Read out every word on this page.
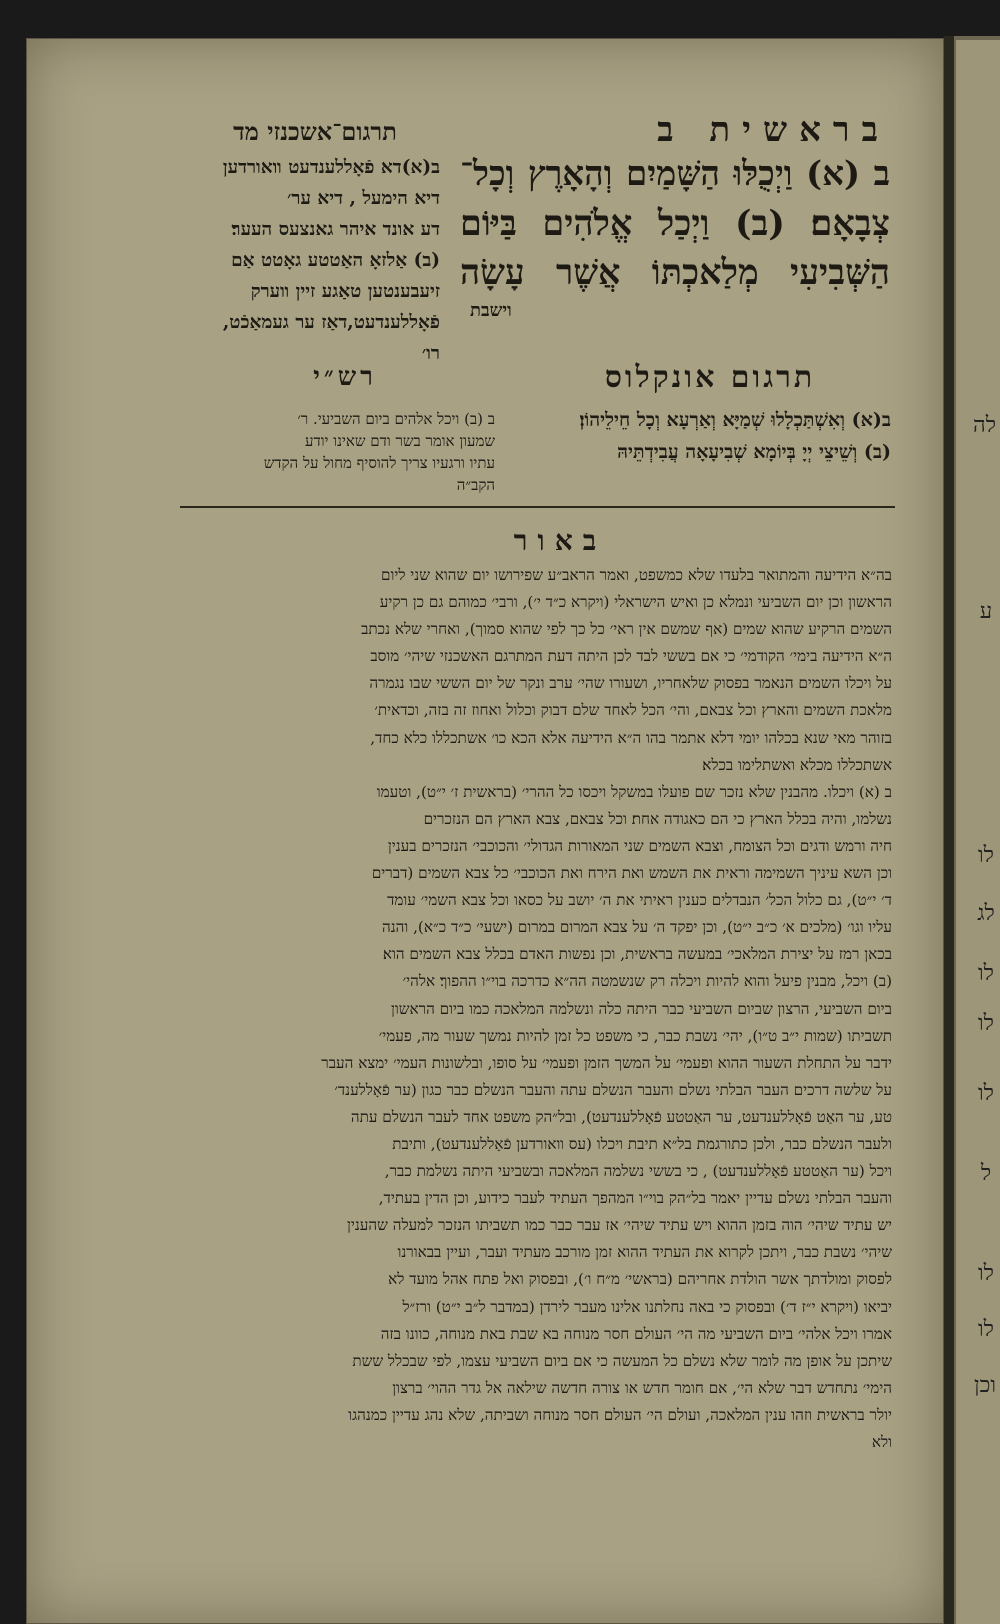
לה
ע
לו
לג
לו
לו
לו
ל
לו
לו
וכן
בראשית ב
ב (א) וַיְכֻלּוּ הַשָּׁמַיִם וְהָאָרֶץ וְכָל־
צְבָאָם׃ (ב) וַיְכַל אֱלֹהִים בַּיּוֹם
הַשְּׁבִיעִי מְלַאכְתּוֹ אֲשֶׁר עָשָׂה
וישבת
תרגום־אשכנזי מד
ב(א)דא פֿאָללענדעט װאורדען
דיא הימעל , דיא ער׳
דע אונד איהר גאנצעס העער׃
(ב) אַלזאָ האַטטע גאָטט אַם
זיעבענטען טאַגע זיין װערק
פֿאָללענדעט,דאַז ער געמאַכֿט,
רו׳
תרגום אונקלוס
ב(א) וְאִשְׁתַּכְלָלוּ שְׁמַיָּא וְאַרְעָא וְכָל חֵילֵיהוֹן׃
(ב) וְשֵׁיצֵי יְיָ בְּיוֹמָא שְׁבִיעָאָה עֲבִידְתֵּיהּ
רש״י
ב (ב) ויכל אלהים ביום השביעי. ר׳
שמעון אומר בשר ודם שאינו יודע
עתיו ורגעיו צריך להוסיף מחול על הקדש
הקב״ה
באור
בה״א הידיעה והמתואר בלעדו שלא כמשפט, ואמר הראב״ע שפירושו יום שהוא שני ליום
הראשון וכן יום השביעי ונמלא כן ואיש הישראלי (ויקרא כ״ד י׳), ורבי׳ כמוהם גם כן רקיע
השמים הרקיע שהוא שמים (אף שמשם אין ראי׳ כל כך לפי שהוא סמוך), ואחרי שלא נכתב
ה״א הידיעה בימי׳ הקודמי׳ כי אם בששי לבד לכן היתה דעת המתרגם האשכנזי שיהי׳ מוסב
על ויכלו השמים הנאמר בפסוק שלאחריו, ושעורו שהי׳ ערב ונקר של יום הששי שבו נגמרה
מלאכת השמים והארץ וכל צבאם, והי׳ הכל לאחד שלם דבוק וכלול ואחוז זה בזה, וכדאית׳
בזוהר מאי שנא בכלהו יומי דלא אתמר בהו ה״א הידיעה אלא הכא כו׳ אשתכללו כלא כחד,
אשתכללו מכלא ואשתלימו בכלא׃
ב (א) ויכלו. מהבנין שלא נזכר שם פועלו במשקל ויכסו כל ההרי׳ (בראשית ז׳ י״ט), וטעמו
נשלמו, והיה בכלל הארץ כי הם כאגודה אחת׃ וכל צבאם, צבא הארץ הם הנזכרים
חיה ורמש ודגים וכל הצומח, וצבא השמים שני המאורות הגדולי׳ והכוכבי׳ הנזכרים בענין
וכן השא עיניך השמימה וראית את השמש ואת הירח ואת הכוכבי׳ כל צבא השמים (דברים
ד׳ י״ט), גם כלול הכל׳ הנבדלים כענין ראיתי את ה׳ יושב על כסאו וכל צבא השמי׳ עומד
עליו וגו׳ (מלכים א׳ כ״ב י״ט), וכן יפקד ה׳ על צבא המרום במרום (ישעי׳ כ״ד כ״א), והנה
בכאן רמז על יצירת המלאכי׳ במעשה בראשית, וכן נפשות האדם בכלל צבא השמים הוא׃
(ב) ויכל, מבנין פיעל והוא להיות ויכלה רק שנשמטה הה״א כדרכה בוי״ו ההפוך׃ אלהי׳
ביום השביעי, הרצון שביום השביעי כבר היתה כלה ונשלמה המלאכה כמו ביום הראשון
תשביתו (שמות י״ב ט״ו), יהי׳ נשבת כבר, כי משפט כל זמן להיות נמשך שעור מה, פעמי׳
ידבר על התחלת השעור ההוא ופעמי׳ על המשך הזמן ופעמי׳ על סופו, ובלשונות העמי׳ ימצא העבר
על שלשה דרכים העבר הבלתי נשלם והעבר הנשלם עתה והעבר הנשלם כבר כגון (ער פֿאָללענד׳
טע, ער האַט פֿאָללענדעט, ער האַטטע פֿאָללענדעט), ובל״הק משפט אחד לעבר הנשלם עתה
ולעבר הנשלם כבר, ולכן כתורגמת בל״א תיבת ויכלו (עס װאורדען פֿאָללענדעט), ותיבת
ויכל (ער האַטטע פֿאָללענדעט) , כי בששי נשלמה המלאכה ובשביעי היתה נשלמת כבר,
והעבר הבלתי נשלם עדיין יאמר בל״הק בוי״ו המהפך העתיד לעבר כידוע, וכן הדין בעתיד,
יש עתיד שיהי׳ הוה בזמן ההוא ויש עתיד שיהי׳ אז עבר כבר כמו תשביתו הנזכר למעלה שהענין
שיהי׳ נשבת כבר, ויתכן לקרוא את העתיד ההוא זמן מורכב מעתיד ועבר, ועיין בבאורנו
לפסוק ומולדתך אשר הולדת אחריהם (בראשי׳ מ״ח ו׳), ובפסוק ואל פתח אהל מועד לא
יביאו (ויקרא י״ז ד׳) ובפסוק כי באה נחלתנו אלינו מעבר לירדן (במדבר ל״ב י״ט) ורז״ל
אמרו ויכל אלהי׳ ביום השביעי מה הי׳ העולם חסר מנוחה בא שבת באת מנוחה, כוונו בזה
שיתכן על אופן מה לומר שלא נשלם כל המעשה כי אם ביום השביעי עצמו, לפי שבכלל ששת
הימי׳ נתחדש דבר שלא הי׳, אם חומר חדש או צורה חדשה שילאה אל גדר ההוי׳ ברצון
יולר בראשית וזהו ענין המלאכה, ועולם הי׳ העולם חסר מנוחה ושביתה, שלא נהג עדיין כמנהגו
ולא
